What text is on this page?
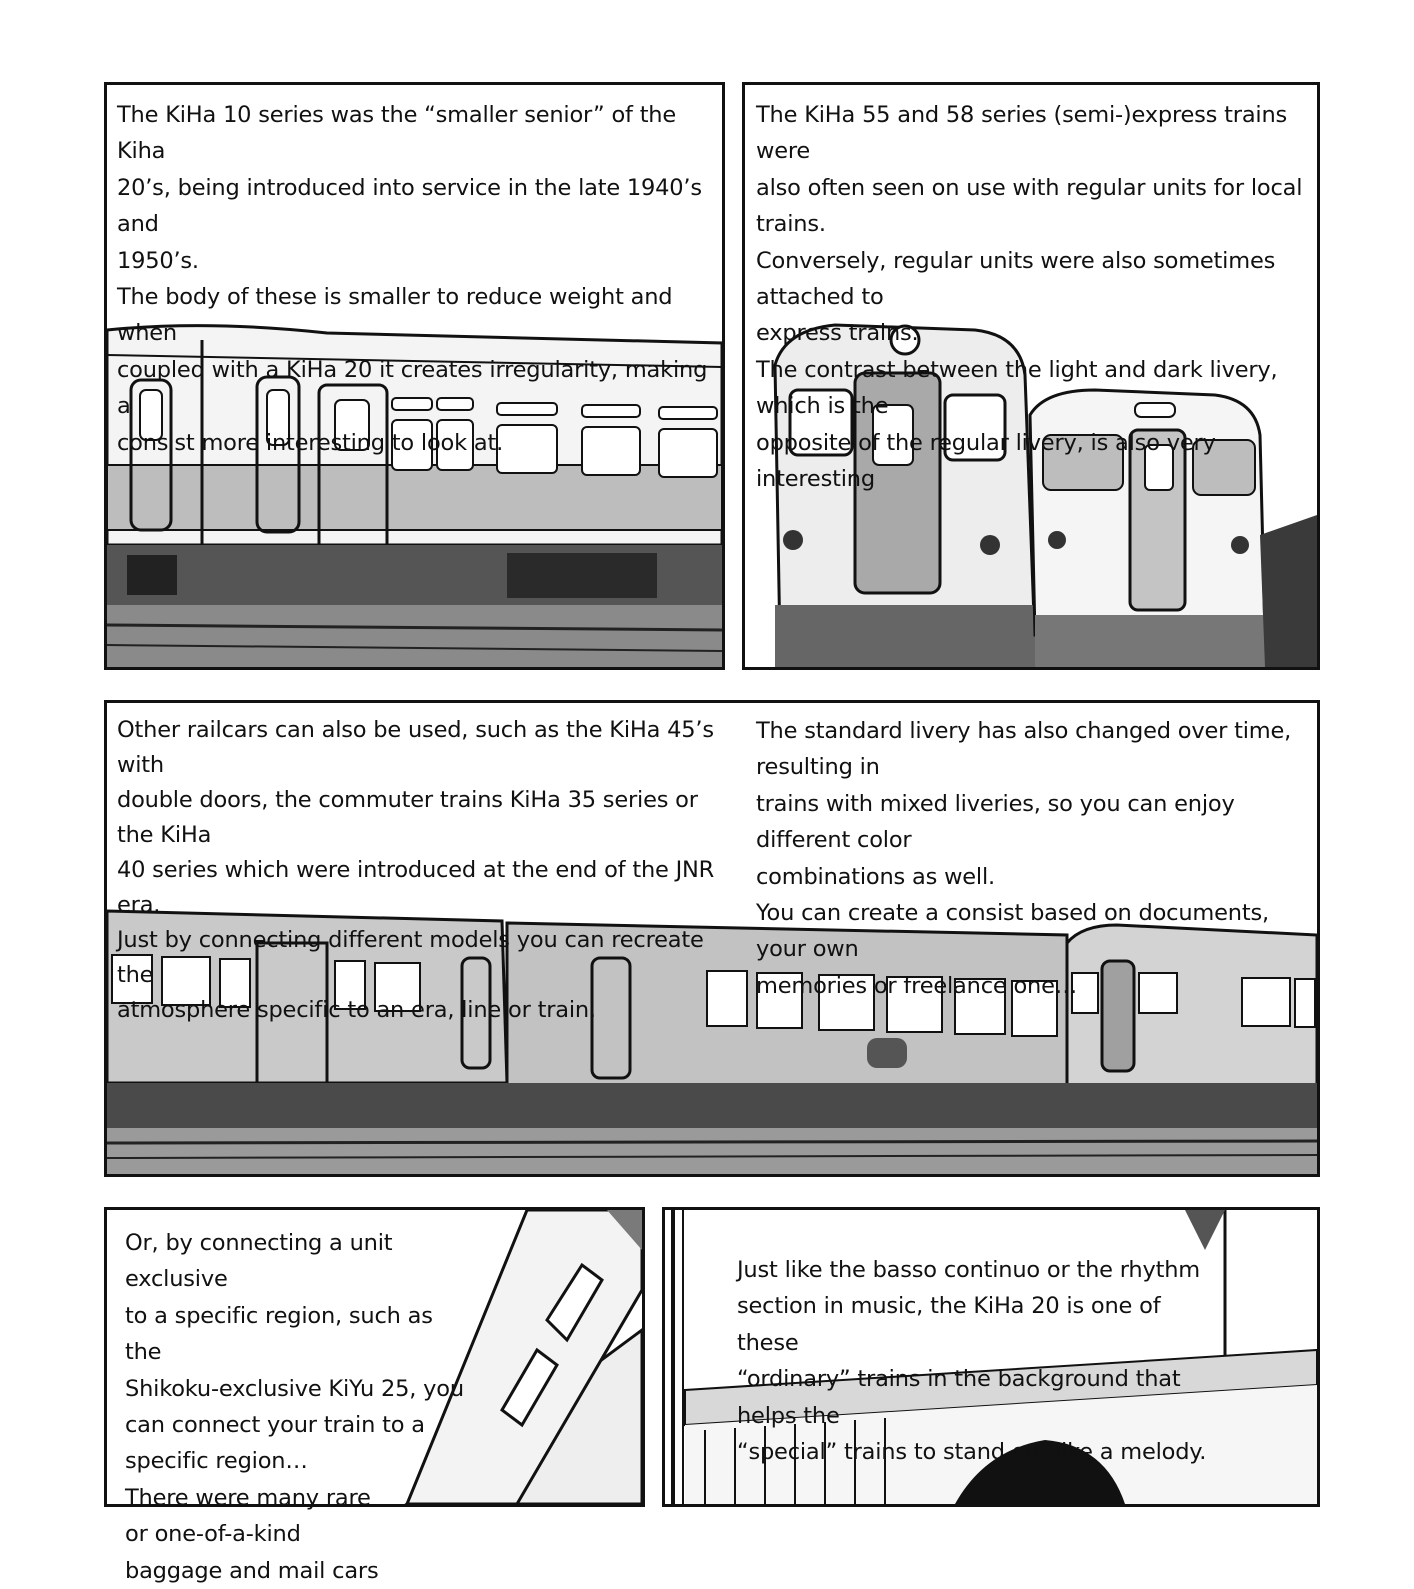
The KiHa 10 series was the “smaller senior” of the Kiha
20’s, being introduced into service in the late 1940’s and
1950’s.
The body of these is smaller to reduce weight and when
coupled with a KiHa 20 it creates irregularity, making a
consist more interesting to look at.
The KiHa 55 and 58 series (semi-)express trains were
also often seen on use with regular units for local trains.
Conversely, regular units were also sometimes attached to
express trains.
The contrast between the light and dark livery, which is the
opposite of the regular livery, is also very interesting
Other railcars can also be used, such as the KiHa 45’s with
double doors, the commuter trains KiHa 35 series or the KiHa
40 series which were introduced at the end of the JNR era.
Just by connecting different models you can recreate the
atmosphere specific to an era, line or train.
The standard livery has also changed over time, resulting in
trains with mixed liveries, so you can enjoy different color
combinations as well.
You can create a consist based on documents, your own
memories or freelance one…
Or, by connecting a unit exclusive
to a specific region, such as the
Shikoku-exclusive KiYu 25, you
can connect your train to a
specific region…
There were many rare
or one-of-a-kind
baggage and mail cars
Just like the basso continuo or the rhythm
section in music, the KiHa 20 is one of these
“ordinary” trains in the background that helps the
“special” trains to stand out like a melody.
